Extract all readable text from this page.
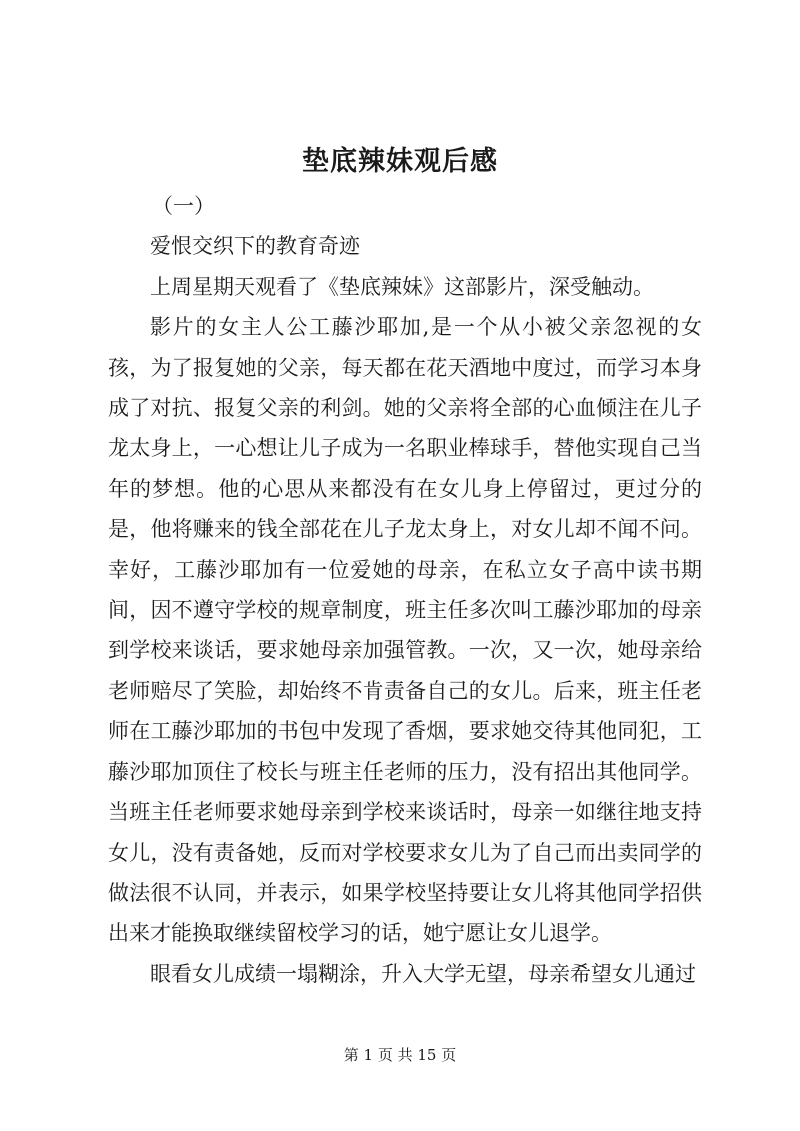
垫底辣妹观后感
（一）

爱恨交织下的教育奇迹

上周星期天观看了《垫底辣妹》这部影片，深受触动。

影片的女主人公工藤沙耶加,是一个从小被父亲忽视的女孩，为了报复她的父亲，每天都在花天酒地中度过，而学习本身成了对抗、报复父亲的利剑。她的父亲将全部的心血倾注在儿子龙太身上，一心想让儿子成为一名职业棒球手，替他实现自己当年的梦想。他的心思从来都没有在女儿身上停留过，更过分的是，他将赚来的钱全部花在儿子龙太身上，对女儿却不闻不问。幸好，工藤沙耶加有一位爱她的母亲，在私立女子高中读书期间，因不遵守学校的规章制度，班主任多次叫工藤沙耶加的母亲到学校来谈话，要求她母亲加强管教。一次，又一次，她母亲给老师赔尽了笑脸，却始终不肯责备自己的女儿。后来，班主任老师在工藤沙耶加的书包中发现了香烟，要求她交待其他同犯，工藤沙耶加顶住了校长与班主任老师的压力，没有招出其他同学。当班主任老师要求她母亲到学校来谈话时，母亲一如继往地支持女儿，没有责备她，反而对学校要求女儿为了自己而出卖同学的做法很不认同，并表示，如果学校坚持要让女儿将其他同学招供出来才能换取继续留校学习的话，她宁愿让女儿退学。

眼看女儿成绩一塌糊涂，升入大学无望，母亲希望女儿通过

第 1 页 共 15 页
